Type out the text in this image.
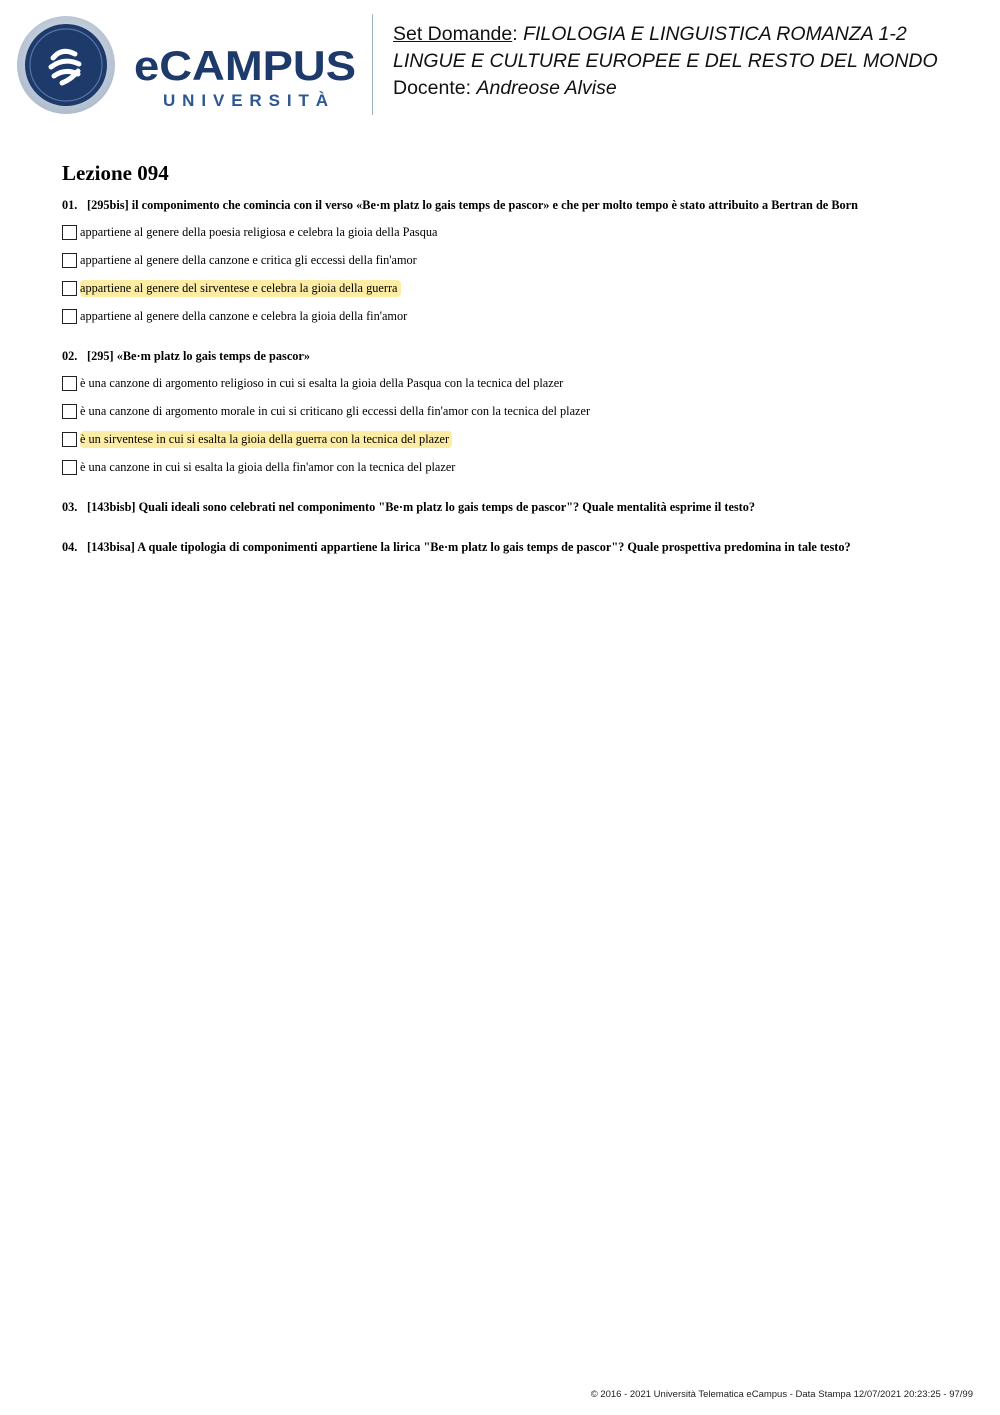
eCAMPUS
UNIVERSITÀ
Set Domande: FILOLOGIA E LINGUISTICA ROMANZA 1-2
LINGUE E CULTURE EUROPEE E DEL RESTO DEL MONDO
Docente: Andreose Alvise
Lezione 094
01. [295bis] il componimento che comincia con il verso «Be·m platz lo gais temps de pascor» e che per molto tempo è stato attribuito a Bertran de Born
appartiene al genere della poesia religiosa e celebra la gioia della Pasqua
appartiene al genere della canzone e critica gli eccessi della fin'amor
appartiene al genere del sirventese e celebra la gioia della guerra
appartiene al genere della canzone e celebra la gioia della fin'amor
02. [295] «Be·m platz lo gais temps de pascor»
è una canzone di argomento religioso in cui si esalta la gioia della Pasqua con la tecnica del plazer
è una canzone di argomento morale in cui si criticano gli eccessi della fin'amor con la tecnica del plazer
è un sirventese in cui si esalta la gioia della guerra con la tecnica del plazer
è una canzone in cui si esalta la gioia della fin'amor con la tecnica del plazer
03. [143bisb] Quali ideali sono celebrati nel componimento "Be·m platz lo gais temps de pascor"? Quale mentalità esprime il testo?
04. [143bisa] A quale tipologia di componimenti appartiene la lirica "Be·m platz lo gais temps de pascor"? Quale prospettiva predomina in tale testo?
© 2016 - 2021 Università Telematica eCampus - Data Stampa 12/07/2021 20:23:25 - 97/99
